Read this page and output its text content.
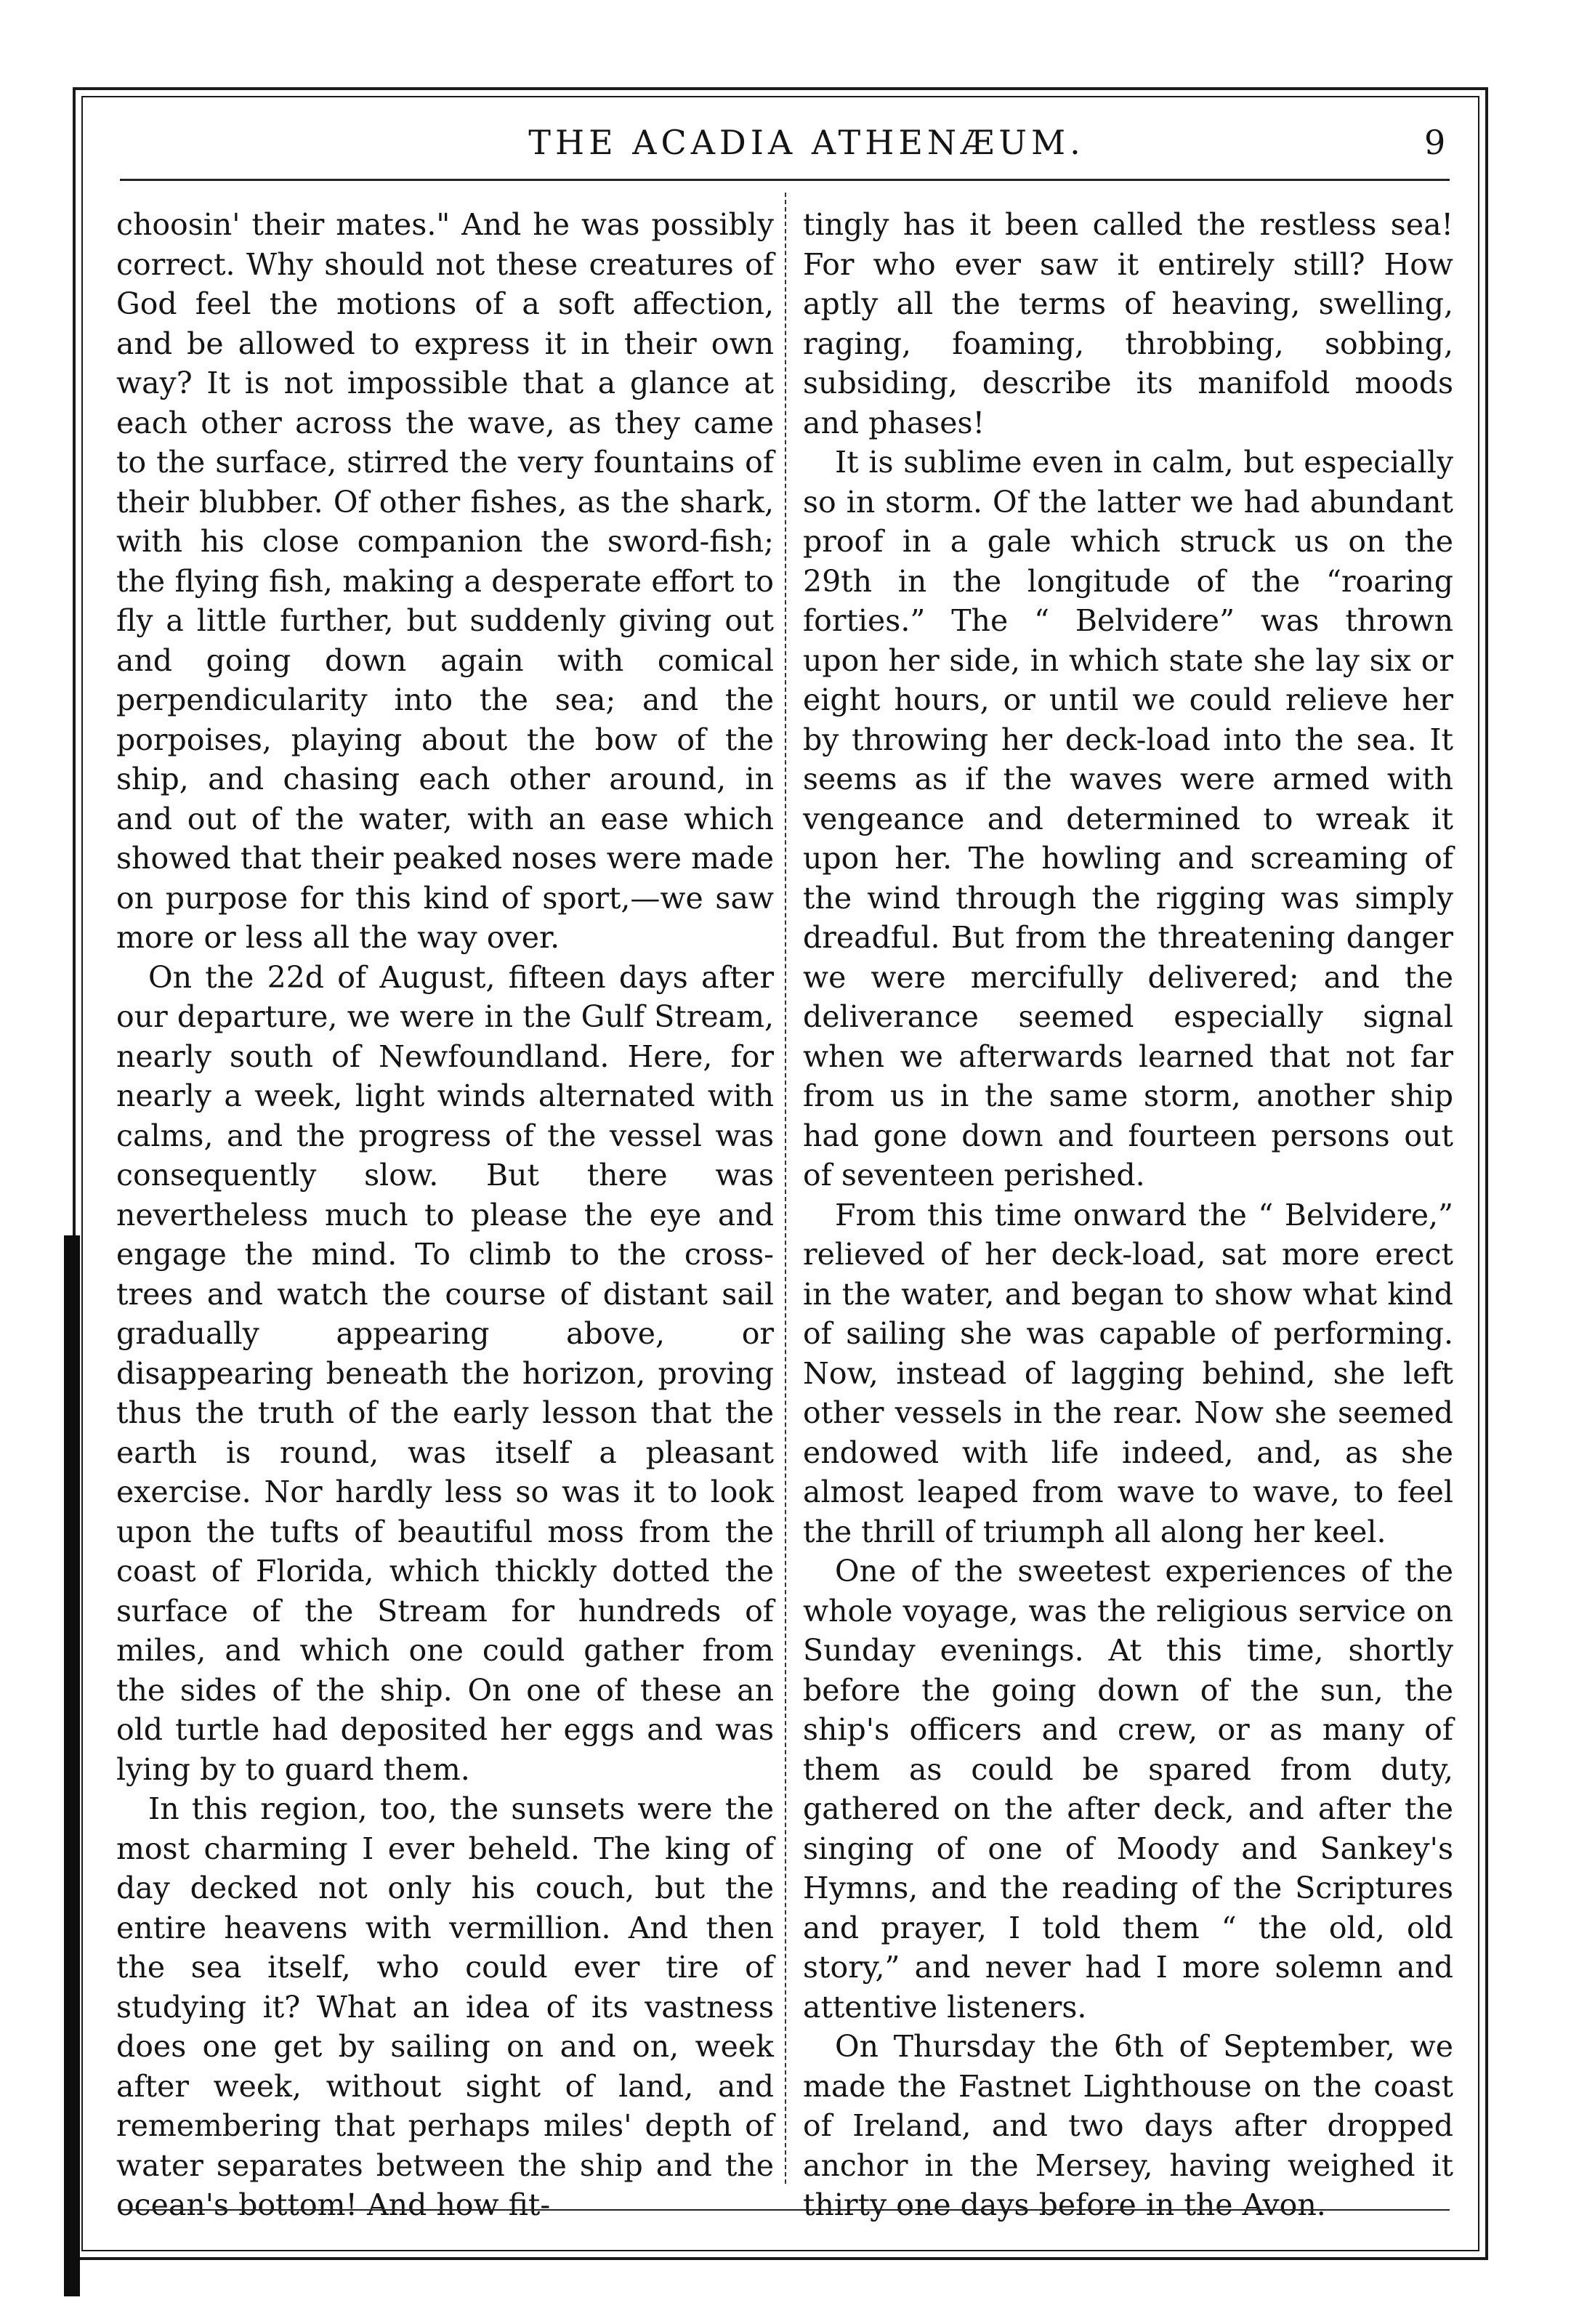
THE ACADIA ATHENÆUM.	9

choosin' their mates." And he was possibly correct. Why should not these creatures of God feel the motions of a soft affection, and be allowed to express it in their own way? It is not impossible that a glance at each other across the wave, as they came to the surface, stirred the very fountains of their blubber. Of other fishes, as the shark, with his close companion the sword-fish; the flying fish, making a desperate effort to fly a little further, but suddenly giving out and going down again with comical perpendicularity into the sea; and the porpoises, playing about the bow of the ship, and chasing each other around, in and out of the water, with an ease which showed that their peaked noses were made on purpose for this kind of sport,—we saw more or less all the way over.

On the 22d of August, fifteen days after our departure, we were in the Gulf Stream, nearly south of Newfoundland. Here, for nearly a week, light winds alternated with calms, and the progress of the vessel was consequently slow. But there was nevertheless much to please the eye and engage the mind. To climb to the cross-trees and watch the course of distant sail gradually appearing above, or disappearing beneath the horizon, proving thus the truth of the early lesson that the earth is round, was itself a pleasant exercise. Nor hardly less so was it to look upon the tufts of beautiful moss from the coast of Florida, which thickly dotted the surface of the Stream for hundreds of miles, and which one could gather from the sides of the ship. On one of these an old turtle had deposited her eggs and was lying by to guard them.

In this region, too, the sunsets were the most charming I ever beheld. The king of day decked not only his couch, but the entire heavens with vermillion. And then the sea itself, who could ever tire of studying it? What an idea of its vastness does one get by sailing on and on, week after week, without sight of land, and remembering that perhaps miles' depth of water separates between the ship and the ocean's bottom! And how fit-

tingly has it been called the restless sea! For who ever saw it entirely still? How aptly all the terms of heaving, swelling, raging, foaming, throbbing, sobbing, subsiding, describe its manifold moods and phases!

It is sublime even in calm, but especially so in storm. Of the latter we had abundant proof in a gale which struck us on the 29th in the longitude of the “roaring forties.” The “ Belvidere” was thrown upon her side, in which state she lay six or eight hours, or until we could relieve her by throwing her deck-load into the sea. It seems as if the waves were armed with vengeance and determined to wreak it upon her. The howling and screaming of the wind through the rigging was simply dreadful. But from the threatening danger we were mercifully delivered; and the deliverance seemed especially signal when we afterwards learned that not far from us in the same storm, another ship had gone down and fourteen persons out of seventeen perished.

From this time onward the “ Belvidere,” relieved of her deck-load, sat more erect in the water, and began to show what kind of sailing she was capable of performing. Now, instead of lagging behind, she left other vessels in the rear. Now she seemed endowed with life indeed, and, as she almost leaped from wave to wave, to feel the thrill of triumph all along her keel.

One of the sweetest experiences of the whole voyage, was the religious service on Sunday evenings. At this time, shortly before the going down of the sun, the ship's officers and crew, or as many of them as could be spared from duty, gathered on the after deck, and after the singing of one of Moody and Sankey's Hymns, and the reading of the Scriptures and prayer, I told them “ the old, old story,” and never had I more solemn and attentive listeners.

On Thursday the 6th of September, we made the Fastnet Lighthouse on the coast of Ireland, and two days after dropped anchor in the Mersey, having weighed it thirty one days before in the Avon.
